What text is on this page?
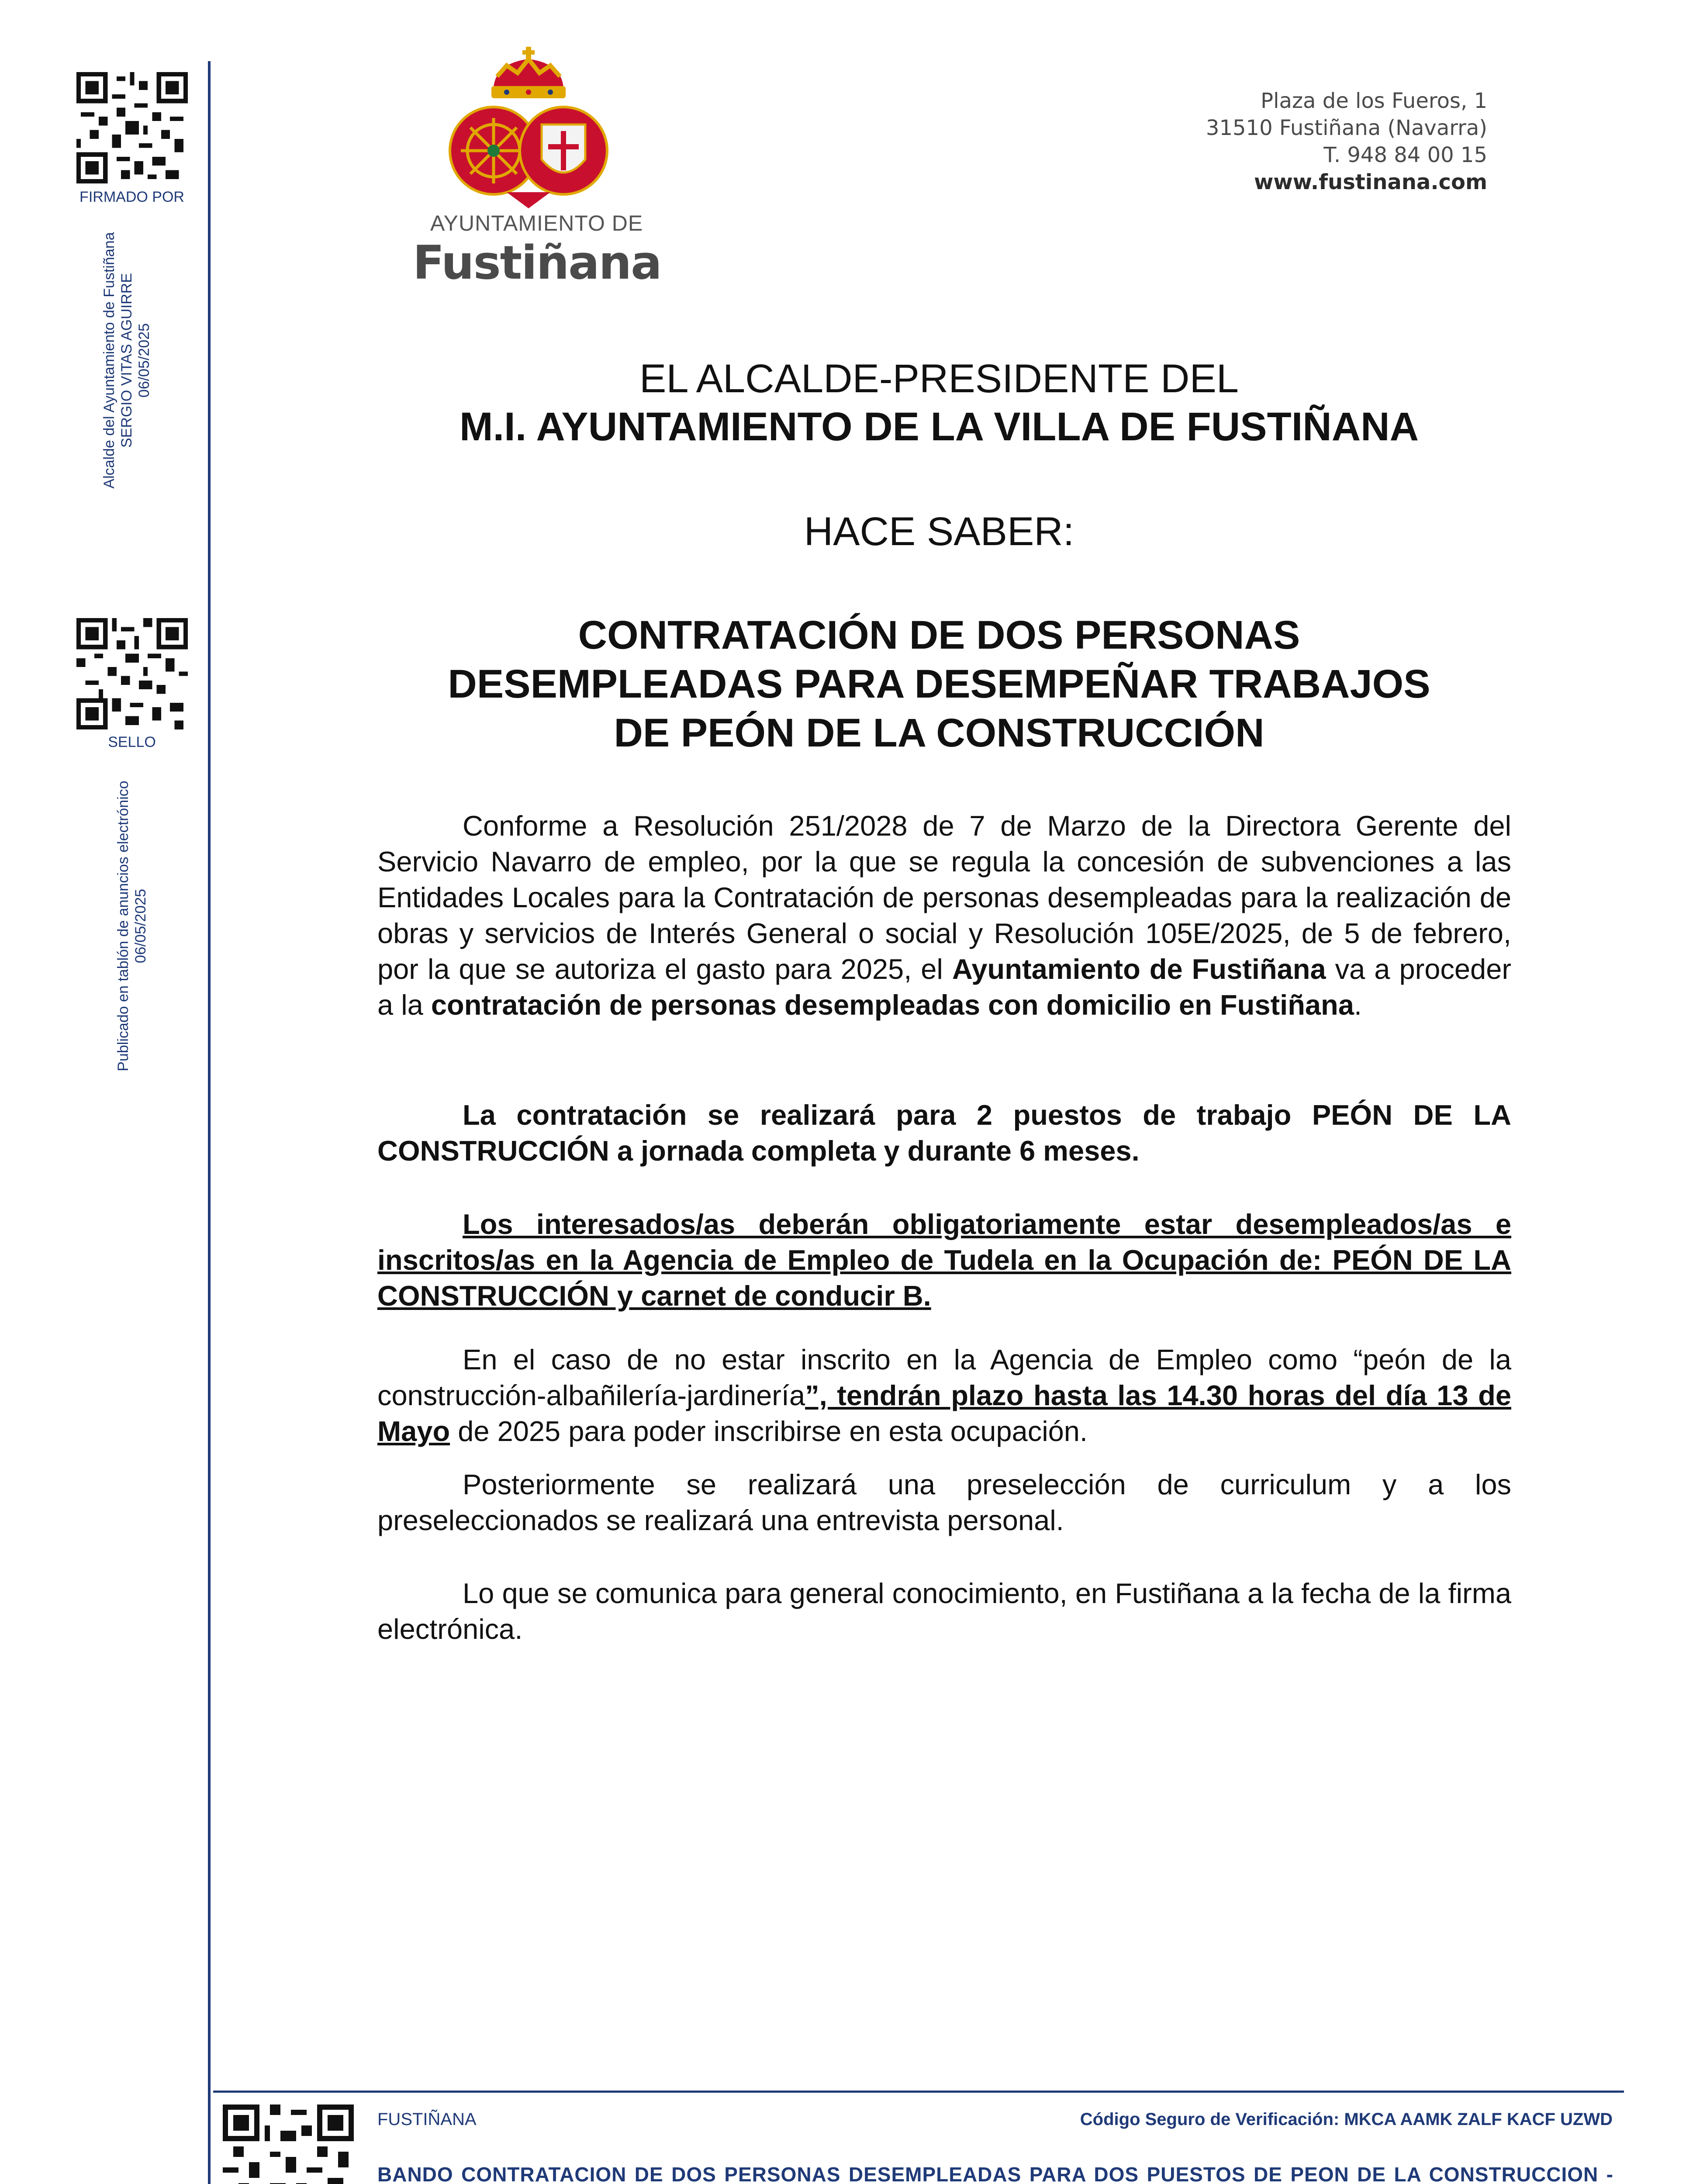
FIRMADO POR
Alcalde del Ayuntamiento de Fustiñana SERGIO VITAS AGUIRRE 06/05/2025
SELLO
Publicado en tablón de anuncios electrónico 06/05/2025
AYUNTAMIENTO DE
Fustiñana
Plaza de los Fueros, 1
31510 Fustiñana (Navarra)
T. 948 84 00 15
www.fustinana.com
EL ALCALDE-PRESIDENTE DEL
M.I. AYUNTAMIENTO DE LA VILLA DE FUSTIÑANA
HACE SABER:
CONTRATACIÓN DE DOS PERSONAS
DESEMPLEADAS PARA DESEMPEÑAR TRABAJOS
DE PEÓN DE LA CONSTRUCCIÓN
Conforme a Resolución 251/2028 de 7 de Marzo de la Directora Gerente del Servicio Navarro de empleo, por la que se regula la concesión de subvenciones a las Entidades Locales para la Contratación de personas desempleadas para la realización de obras y servicios de Interés General o social y Resolución 105E/2025, de 5 de febrero, por la que se autoriza el gasto para 2025, el Ayuntamiento de Fustiñana va a proceder a la contratación de personas desempleadas con domicilio en Fustiñana.
La contratación se realizará para 2 puestos de trabajo PEÓN DE LA CONSTRUCCIÓN a jornada completa y durante 6 meses.
Los interesados/as deberán obligatoriamente estar desempleados/as e inscritos/as en la Agencia de Empleo de Tudela en la Ocupación de: PEÓN DE LA CONSTRUCCIÓN y carnet de conducir B.
En el caso de no estar inscrito en la Agencia de Empleo como “peón de la construcción-albañilería-jardinería”, tendrán plazo hasta las 14.30 horas del día 13 de Mayo de 2025 para poder inscribirse en esta ocupación.
Posteriormente se realizará una preselección de curriculum y a los preseleccionados se realizará una entrevista personal.
Lo que se comunica para general conocimiento, en Fustiñana a la fecha de la firma electrónica.
FUSTIÑANA	Código Seguro de Verificación: MKCA AAMK ZALF KACF UZWD
BANDO CONTRATACION DE DOS PERSONAS DESEMPLEADAS PARA DOS PUESTOS DE PEON DE LA CONSTRUCCION -
